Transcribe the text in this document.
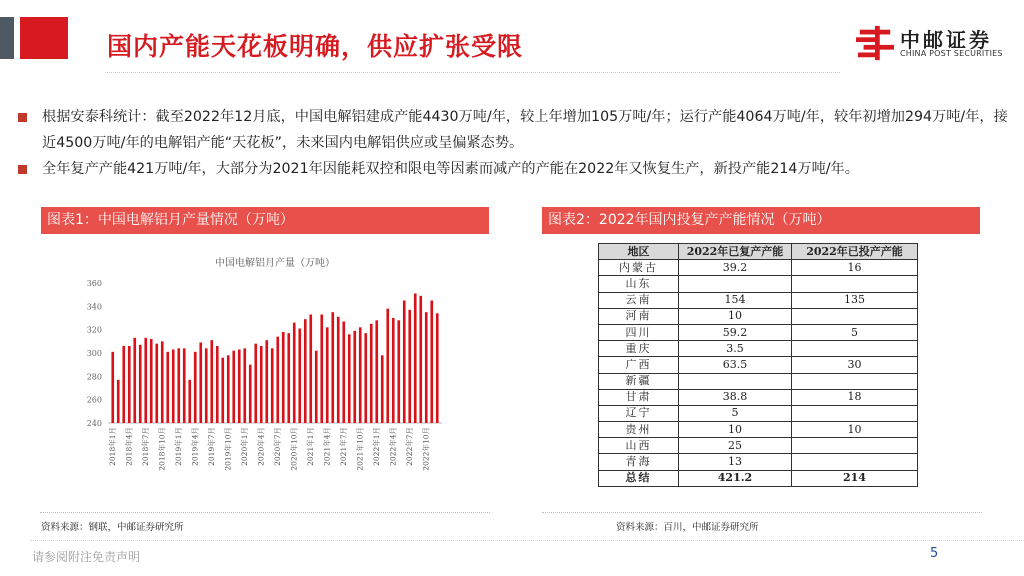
国内产能天花板明确，供应扩张受限	中邮证券
CHINA POST SECURITIES
根据安泰科统计：截至2022年12月底，中国电解铝建成产能4430万吨/年，较上年增加105万吨/年；运行产能4064万吨/年，较年初增加294万吨/年，接近4500万吨/年的电解铝产能“天花板”，未来国内电解铝供应或呈偏紧态势。
全年复产产能421万吨/年，大部分为2021年因能耗双控和限电等因素而减产的产能在2022年又恢复生产，新投产能214万吨/年。
图表1：中国电解铝月产量情况（万吨）	图表2：2022年国内投复产产能情况（万吨）
中国电解铝月产量（万吨）
240
260
280
300
320
340
360
2018年1月 2018年4月 2018年7月 2018年10月 2019年1月 2019年4月 2019年7月 2019年10月 2020年1月 2020年4月 2020年7月 2020年10月 2021年1月 2021年4月 2021年7月 2021年10月 2022年1月 2022年4月 2022年7月 2022年10月
地区	2022年已复产产能	2022年已投产产能
内蒙古	39.2	16
山东		
云南	154	135
河南	10	
四川	59.2	5
重庆	3.5	
广西	63.5	30
新疆		
甘肃	38.8	18
辽宁	5	
贵州	10	10
山西	25	
青海	13	
总结	421.2	214
资料来源：钢联，中邮证券研究所	资料来源：百川，中邮证券研究所
请参阅附注免责声明	5
